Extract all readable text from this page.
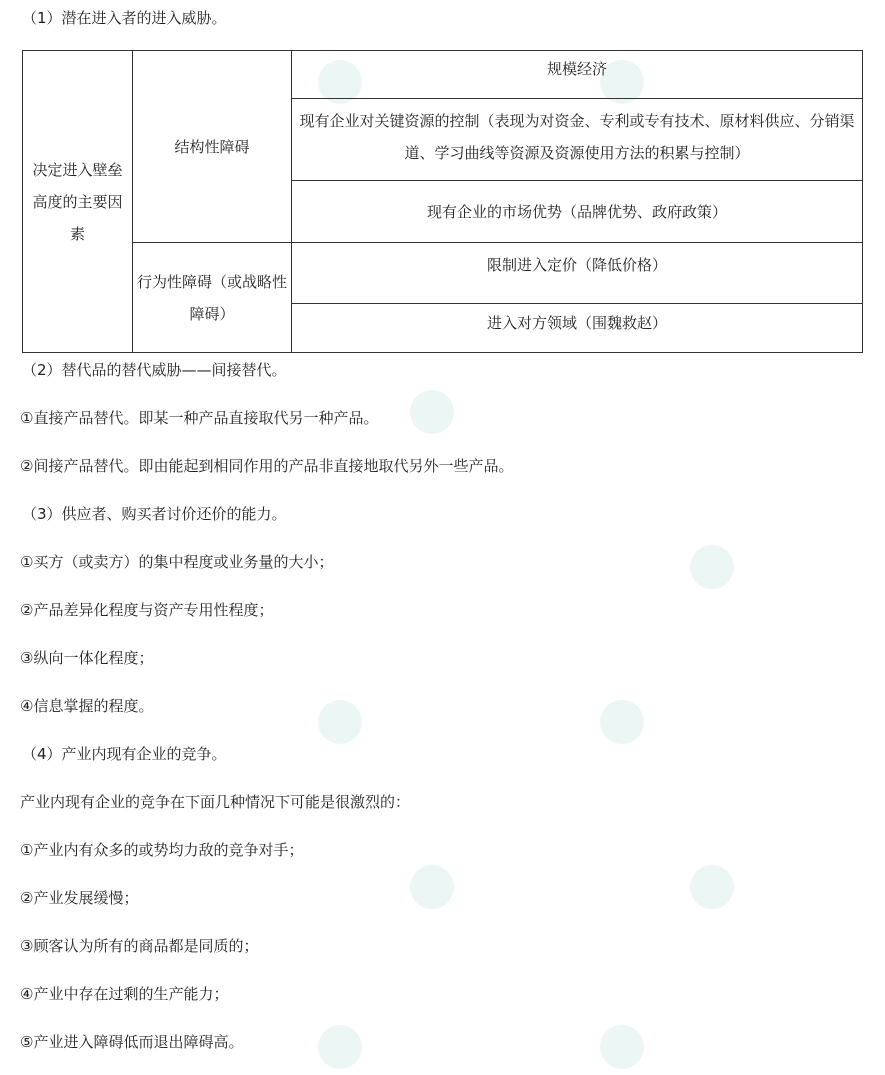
（1）潜在进入者的进入威胁。
决定进入壁垒高度的主要因素	结构性障碍	规模经济
		现有企业对关键资源的控制（表现为对资金、专利或专有技术、原材料供应、分销渠道、学习曲线等资源及资源使用方法的积累与控制）
		现有企业的市场优势（品牌优势、政府政策）
	行为性障碍（或战略性障碍）	限制进入定价（降低价格）
		进入对方领域（围魏救赵）
（2）替代品的替代威胁——间接替代。
①直接产品替代。即某一种产品直接取代另一种产品。
②间接产品替代。即由能起到相同作用的产品非直接地取代另外一些产品。
（3）供应者、购买者讨价还价的能力。
①买方（或卖方）的集中程度或业务量的大小；
②产品差异化程度与资产专用性程度；
③纵向一体化程度；
④信息掌握的程度。
（4）产业内现有企业的竞争。
产业内现有企业的竞争在下面几种情况下可能是很激烈的：
①产业内有众多的或势均力敌的竞争对手；
②产业发展缓慢；
③顾客认为所有的商品都是同质的；
④产业中存在过剩的生产能力；
⑤产业进入障碍低而退出障碍高。
